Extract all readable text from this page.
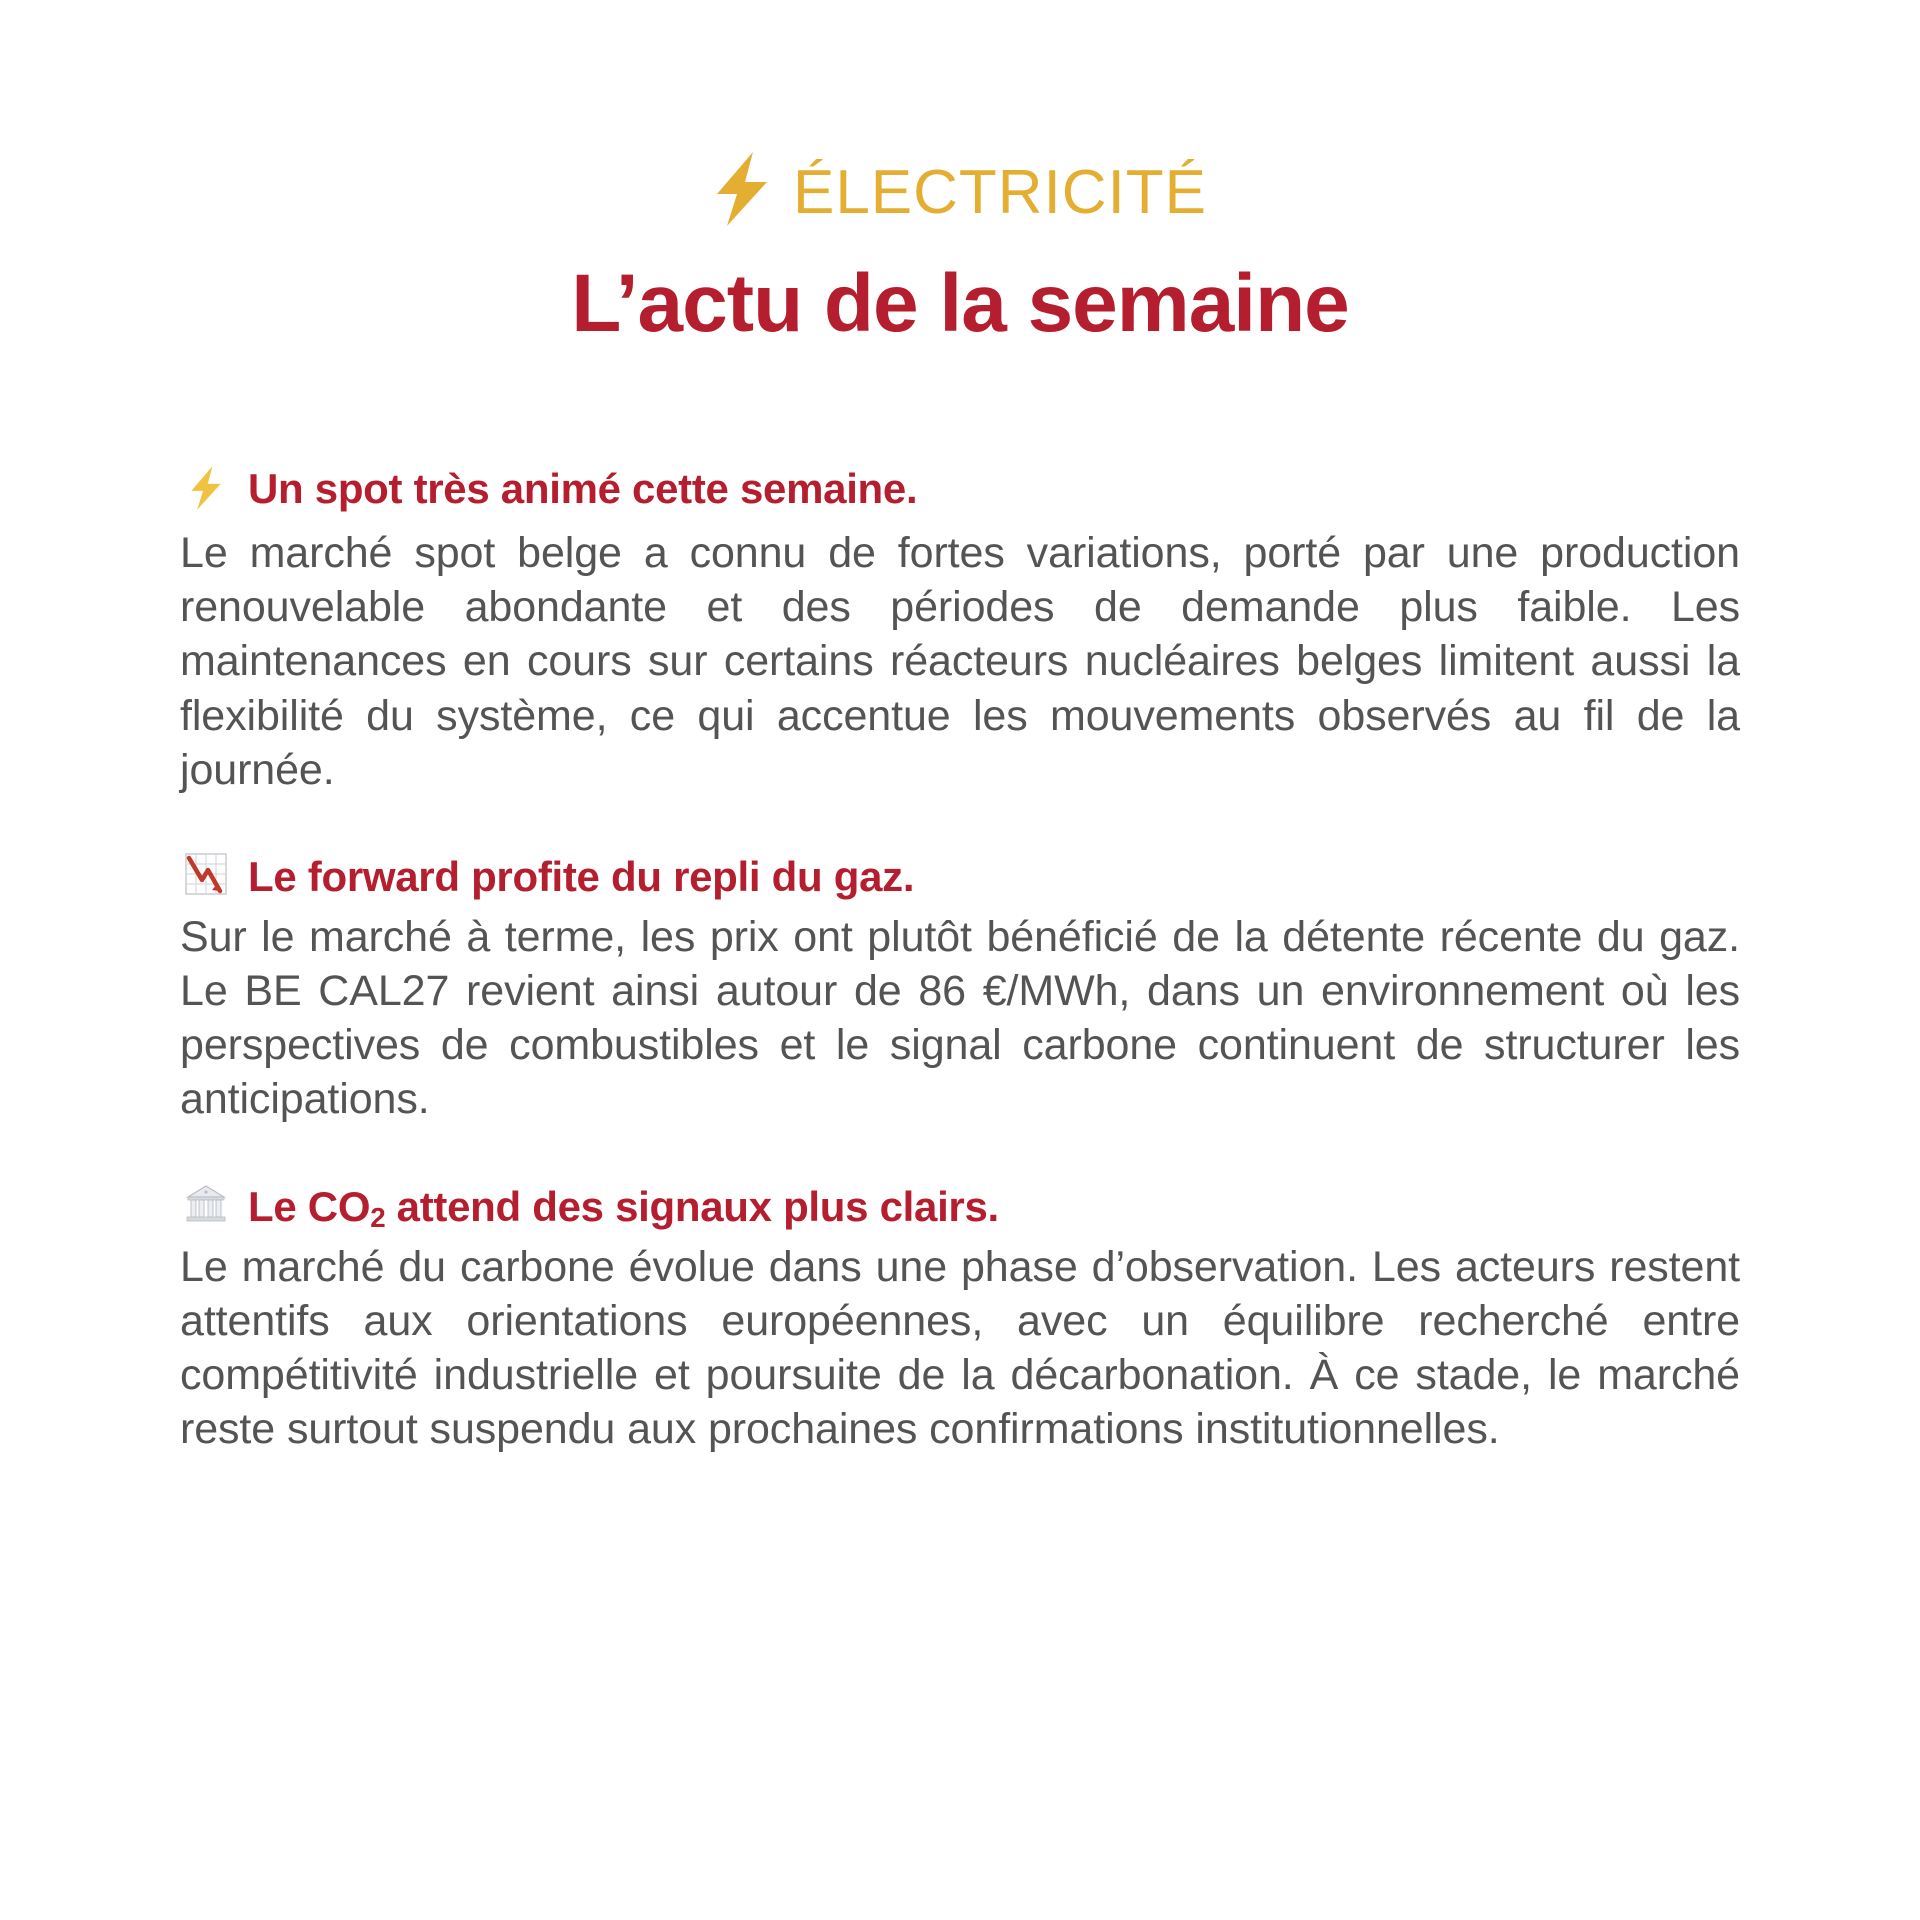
ÉLECTRICITÉ
L’actu de la semaine
Un spot très animé cette semaine.

Le marché spot belge a connu de fortes variations, porté par une production renouvelable abondante et des périodes de demande plus faible. Les maintenances en cours sur certains réacteurs nucléaires belges limitent aussi la flexibilité du système, ce qui accentue les mouvements observés au fil de la journée.

Le forward profite du repli du gaz.

Sur le marché à terme, les prix ont plutôt bénéficié de la détente récente du gaz. Le BE CAL27 revient ainsi autour de 86 €/MWh, dans un environnement où les perspectives de combustibles et le signal carbone continuent de structurer les anticipations.

Le $CO_2$ attend des signaux plus clairs.

Le marché du carbone évolue dans une phase d’observation. Les acteurs restent attentifs aux orientations européennes, avec un équilibre recherché entre compétitivité industrielle et poursuite de la décarbonation. À ce stade, le marché reste surtout suspendu aux prochaines confirmations institutionnelles.
